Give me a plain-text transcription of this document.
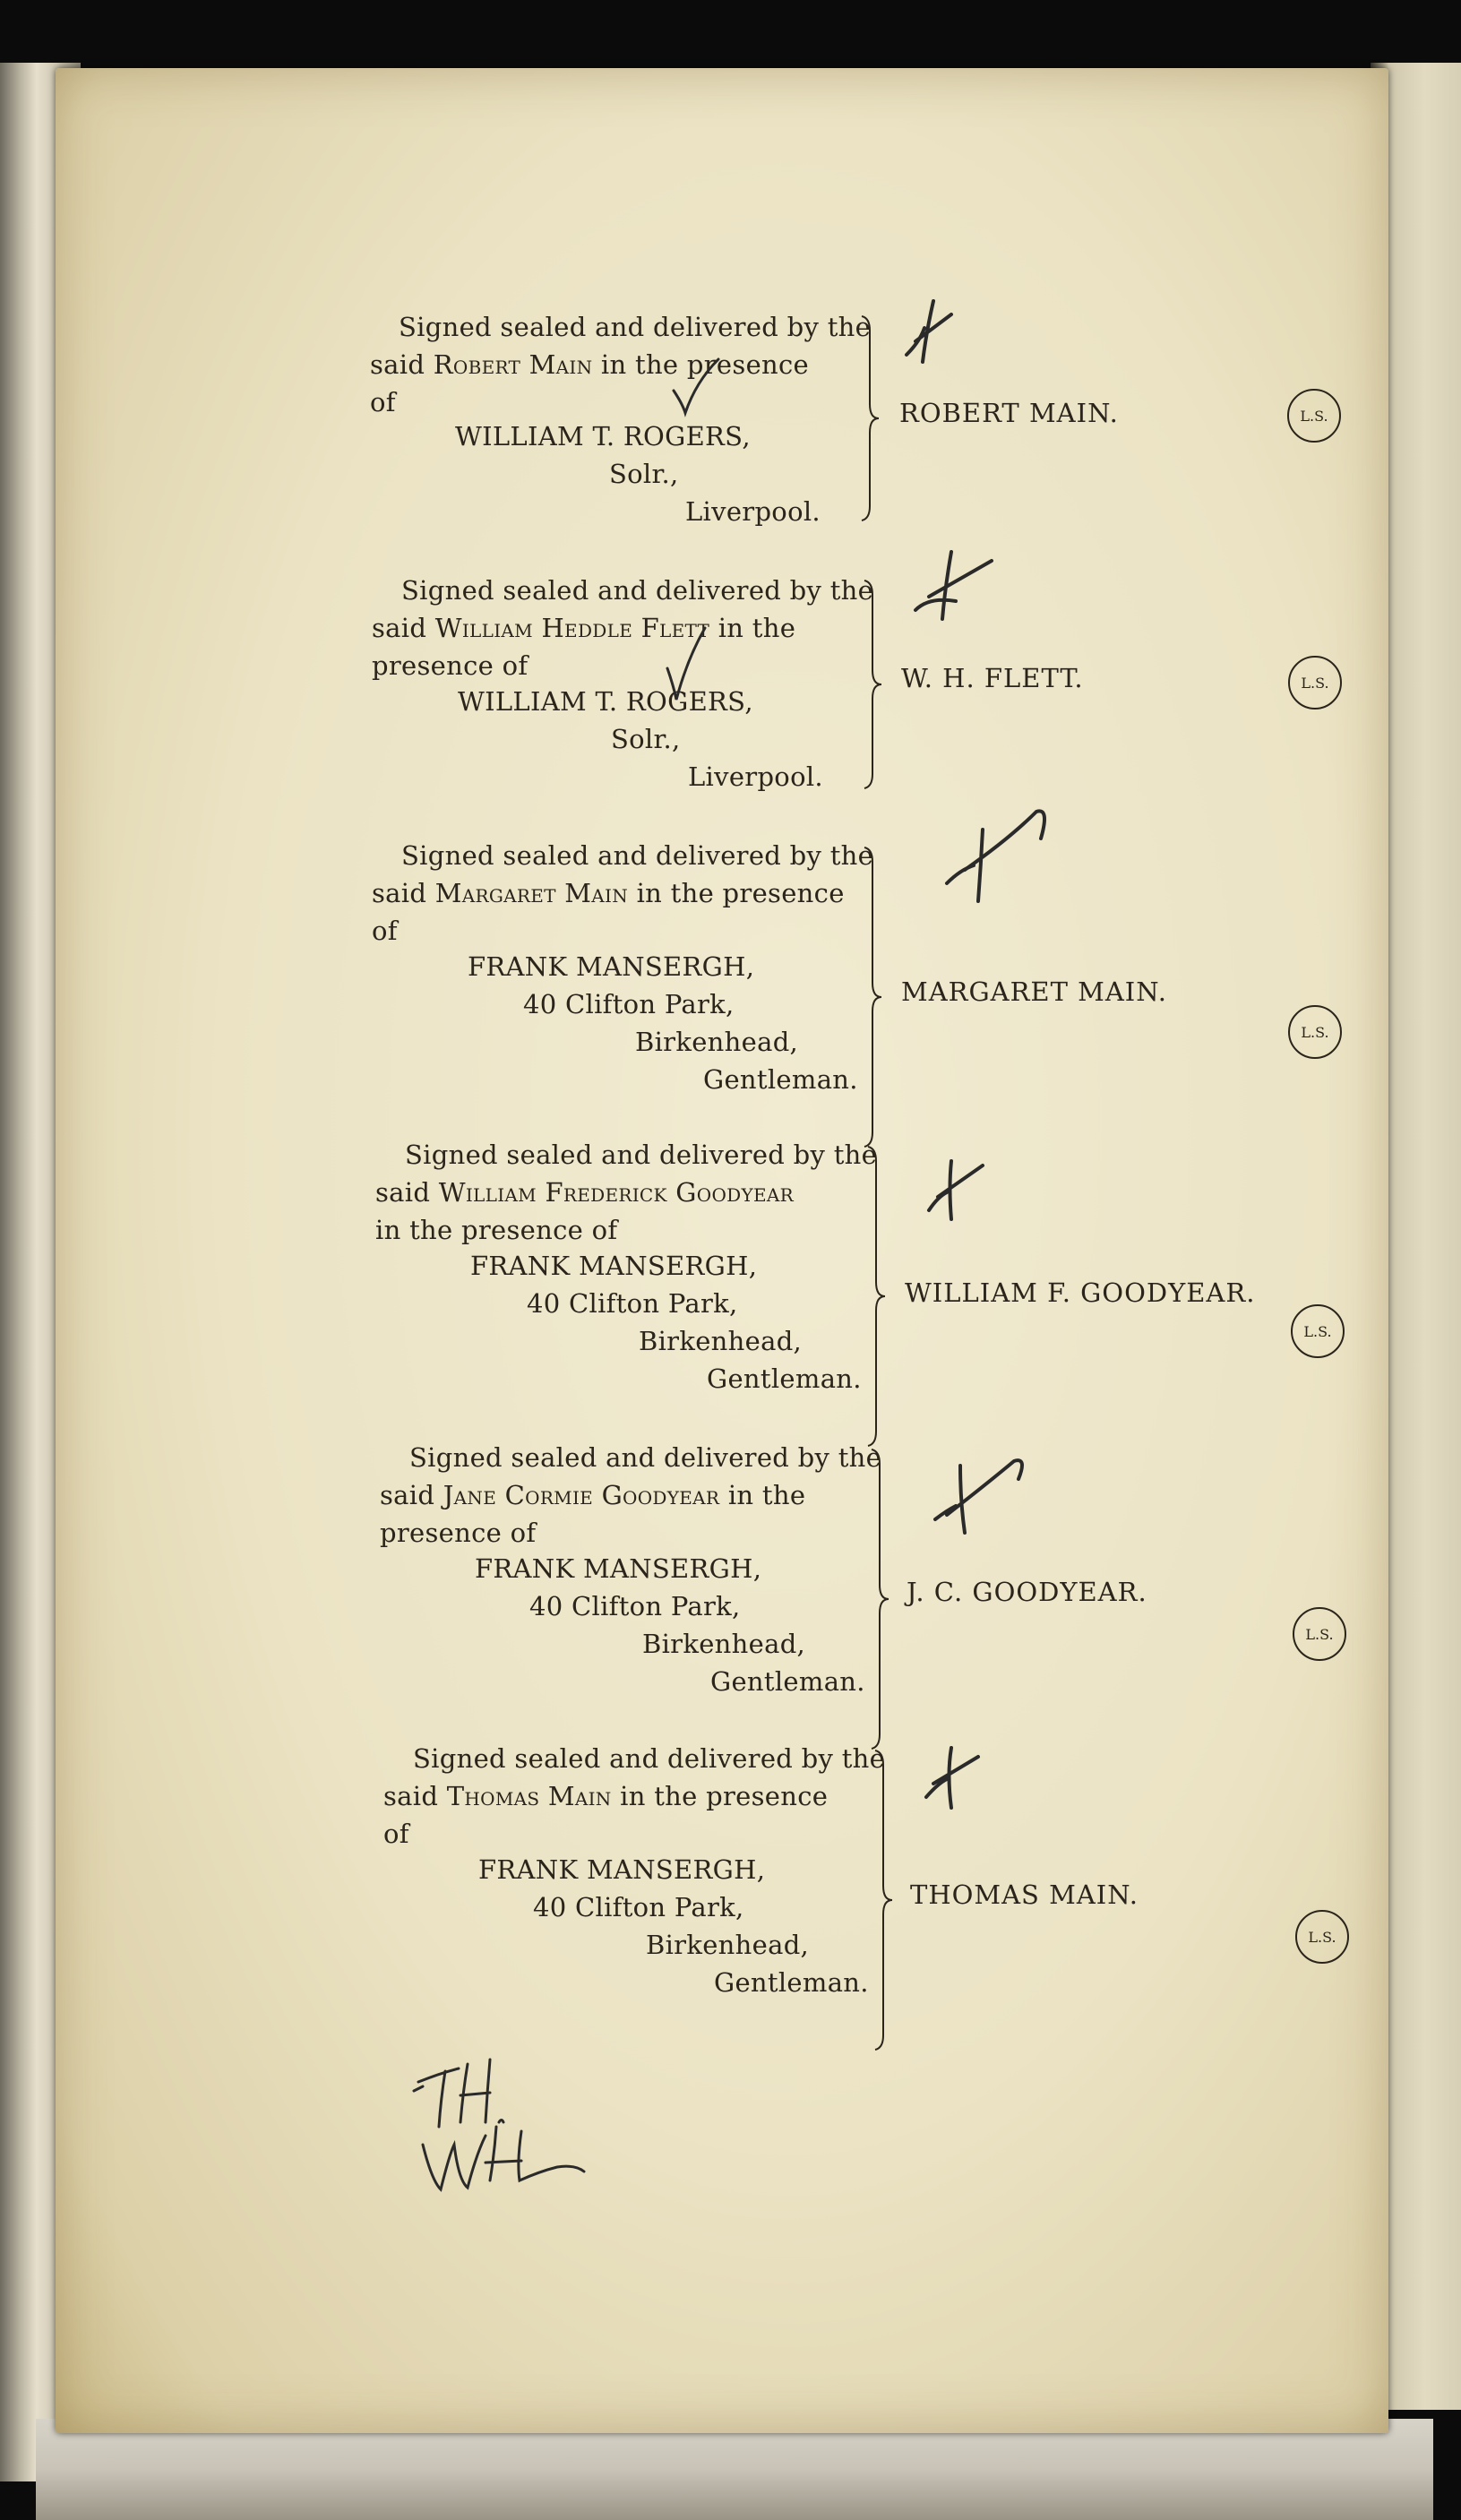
Signed sealed and delivered by the
said Robert Main in the presence
of
WILLIAM T. ROGERS,
Solr.,
Liverpool.
ROBERT MAIN.	L.S.
Signed sealed and delivered by the
said William Heddle Flett in the
presence of
WILLIAM T. ROGERS,
Solr.,
Liverpool.
W. H. FLETT.	L.S.
Signed sealed and delivered by the
said Margaret Main in the presence
of
FRANK MANSERGH,
40 Clifton Park,
Birkenhead,
Gentleman.
MARGARET MAIN.
L.S.
Signed sealed and delivered by the
said William Frederick Goodyear
in the presence of
FRANK MANSERGH,
40 Clifton Park,
Birkenhead,
Gentleman.
WILLIAM F. GOODYEAR.
L.S.
Signed sealed and delivered by the
said Jane Cormie Goodyear in the
presence of
FRANK MANSERGH,
40 Clifton Park,
Birkenhead,
Gentleman.
J. C. GOODYEAR.
L.S.
Signed sealed and delivered by the
said Thomas Main in the presence
of
FRANK MANSERGH,
40 Clifton Park,
Birkenhead,
Gentleman.
THOMAS MAIN.
L.S.
